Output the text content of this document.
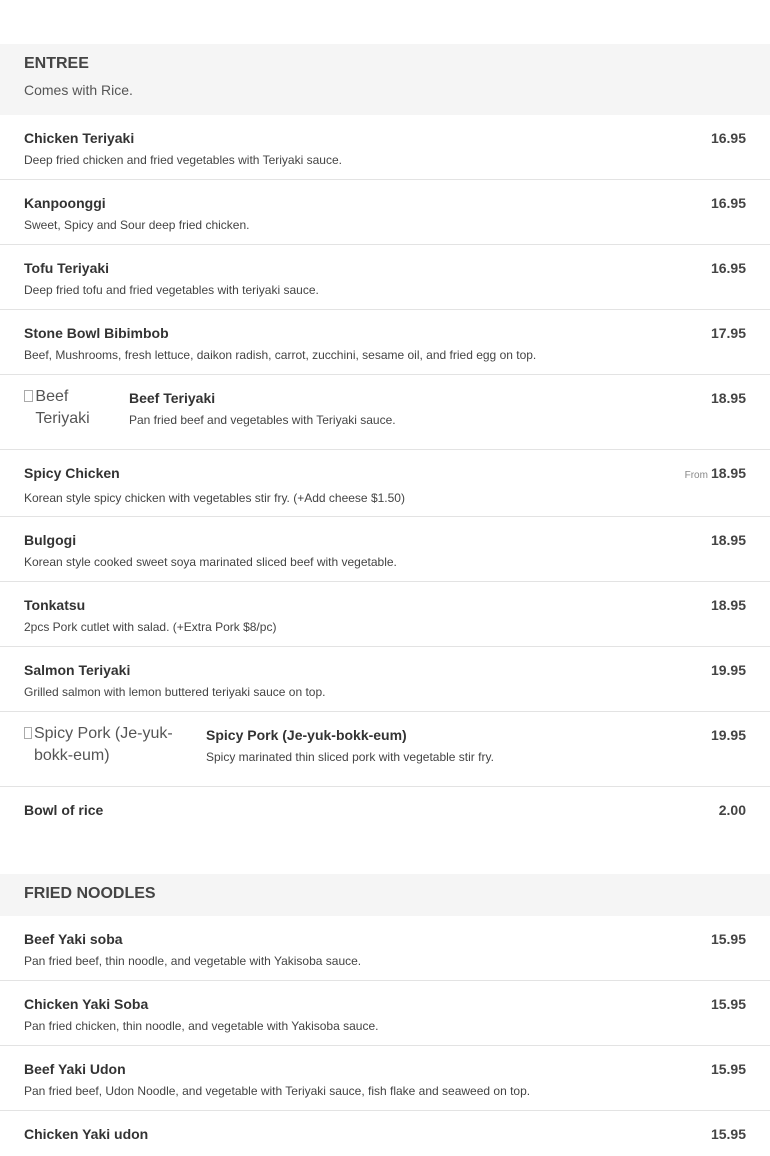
ENTREE
Comes with Rice.
Chicken Teriyaki
Deep fried chicken and fried vegetables with Teriyaki sauce.
16.95
Kanpoonggi
Sweet, Spicy and Sour deep fried chicken.
16.95
Tofu Teriyaki
Deep fried tofu and fried vegetables with teriyaki sauce.
16.95
Stone Bowl Bibimbob
Beef, Mushrooms, fresh lettuce, daikon radish, carrot, zucchini, sesame oil, and fried egg on top.
17.95
Beef Teriyaki
Beef Teriyaki
Pan fried beef and vegetables with Teriyaki sauce.
18.95
Spicy Chicken
Korean style spicy chicken with vegetables stir fry. (+Add cheese $1.50)
From 18.95
Bulgogi
Korean style cooked sweet soya marinated sliced beef with vegetable.
18.95
Tonkatsu
2pcs Pork cutlet with salad. (+Extra Pork $8/pc)
18.95
Salmon Teriyaki
Grilled salmon with lemon buttered teriyaki sauce on top.
19.95
Spicy Pork (Je-yuk-bokk-eum)
Spicy Pork (Je-yuk-bokk-eum)
Spicy marinated thin sliced pork with vegetable stir fry.
19.95
Bowl of rice	2.00
FRIED NOODLES
Beef Yaki soba
Pan fried beef, thin noodle, and vegetable with Yakisoba sauce.
15.95
Chicken Yaki Soba
Pan fried chicken, thin noodle, and vegetable with Yakisoba sauce.
15.95
Beef Yaki Udon
Pan fried beef, Udon Noodle, and vegetable with Teriyaki sauce, fish flake and seaweed on top.
15.95
Chicken Yaki udon	15.95
